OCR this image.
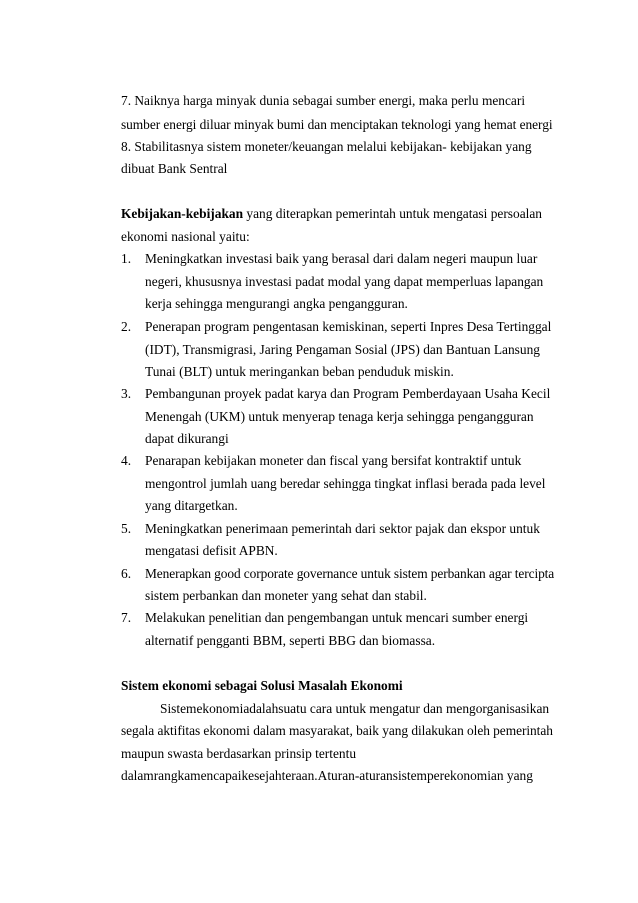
7. Naiknya harga minyak dunia sebagai sumber energi, maka perlu mencari
sumber energi diluar minyak bumi dan menciptakan teknologi yang hemat energi
8. Stabilitasnya sistem moneter/keuangan melalui kebijakan- kebijakan yang
dibuat Bank Sentral
Kebijakan-kebijakan yang diterapkan pemerintah untuk mengatasi persoalan
ekonomi nasional yaitu:
1. Meningkatkan investasi baik yang berasal dari dalam negeri maupun luar
negeri, khususnya investasi padat modal yang dapat memperluas lapangan
kerja sehingga mengurangi angka pengangguran.
2. Penerapan program pengentasan kemiskinan, seperti Inpres Desa Tertinggal
(IDT), Transmigrasi, Jaring Pengaman Sosial (JPS) dan Bantuan Lansung
Tunai (BLT) untuk meringankan beban penduduk miskin.
3. Pembangunan proyek padat karya dan Program Pemberdayaan Usaha Kecil
Menengah (UKM) untuk menyerap tenaga kerja sehingga pengangguran
dapat dikurangi
4. Penarapan kebijakan moneter dan fiscal yang bersifat kontraktif untuk
mengontrol jumlah uang beredar sehingga tingkat inflasi berada pada level
yang ditargetkan.
5. Meningkatkan penerimaan pemerintah dari sektor pajak dan ekspor untuk
mengatasi defisit APBN.
6. Menerapkan good corporate governance untuk sistem perbankan agar tercipta
sistem perbankan dan moneter yang sehat dan stabil.
7. Melakukan penelitian dan pengembangan untuk mencari sumber energi
alternatif pengganti BBM, seperti BBG dan biomassa.
Sistem ekonomi sebagai Solusi Masalah Ekonomi
Sistemekonomiadalahsuatu cara untuk mengatur dan mengorganisasikan
segala aktifitas ekonomi dalam masyarakat, baik yang dilakukan oleh pemerintah
maupun swasta berdasarkan prinsip tertentu
dalamrangkamencapaikesejahteraan.Aturan-aturansistemperekonomian yang
